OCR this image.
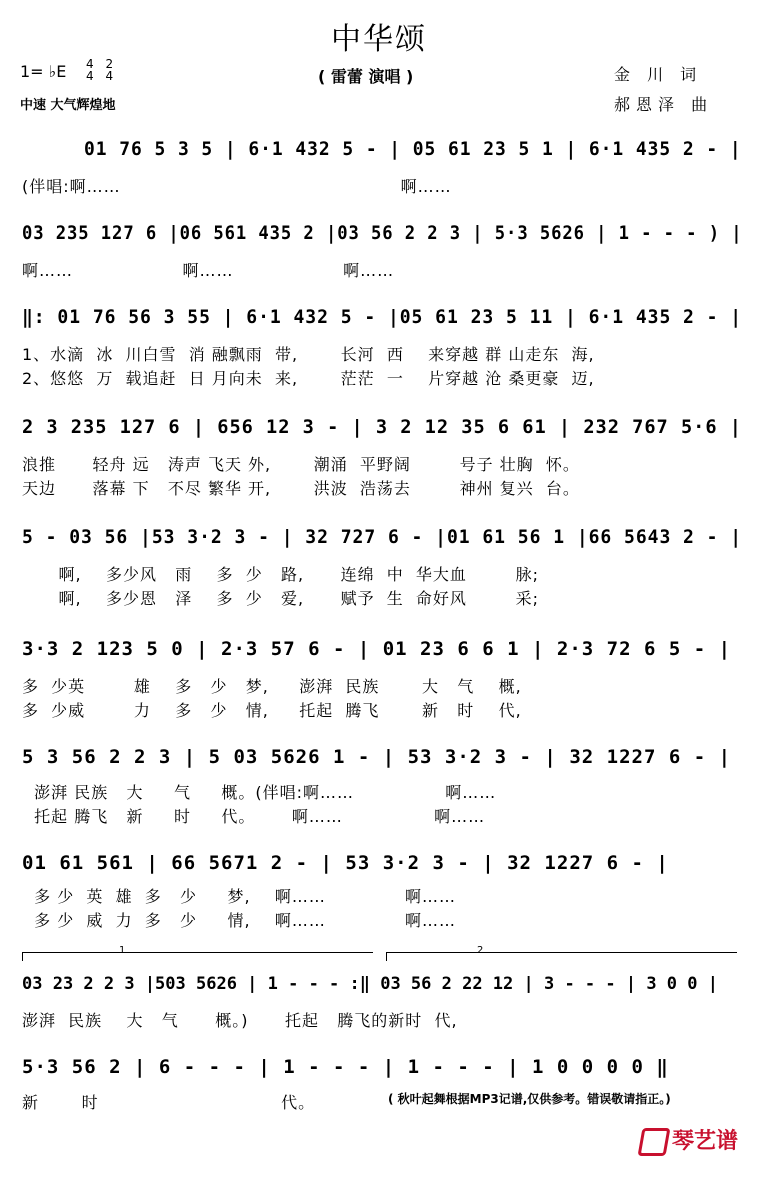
中华颂
1= ♭E 4
4 2
4	( 雷蕾 演唱 )
中速 大气辉煌地
金 川 词
郝恩泽 曲
01 76 5 3 5 | 6·1 432 5 - | 05 61 23 5 1 | 6·1 435 2 - |
(伴唱:啊……                                              啊……
03 235 127 6 |06 561 435 2 |03 56 2 2 3 | 5·3 5626 | 1 - - - ) |
啊……                  啊……                  啊……
‖: 01 76 56 3 55 | 6·1 432 5 - |05 61 23 5 11 | 6·1 435 2 - |
1、水滴  冰  川白雪  消 融飘雨  带,       长河  西    来穿越 群 山走东  海,
2、悠悠  万  载追赶  日 月向未  来,       茫茫  一    片穿越 沧 桑更豪  迈,
2 3 235 127 6 | 656 12 3 - | 3 2 12 35 6 61 | 232 767 5·6 |
浪推      轻舟 远   涛声 飞天 外,       潮涌  平野阔        号子 壮胸  怀。
天边      落幕 下   不尽 繁华 开,       洪波  浩荡去        神州 复兴  台。
5 - 03 56 |53 3·2 3 - | 32 727 6 - |01 61 56 1 |66 5643 2 - |
啊,    多少风   雨    多  少   路,      连绵  中  华大血        脉;
啊,    多少恩   泽    多  少   爱,      赋予  生  命好风        采;
3·3 2 123 5 0 | 2·3 57 6 - | 01 23 6 6 1 | 2·3 72 6 5 - |
多  少英        雄    多   少   梦,     澎湃  民族       大   气    概,
多  少威        力    多   少   情,     托起  腾飞       新   时    代,
5 3 56 2 2 3 | 5 03 5626 1 - | 53 3·2 3 - | 32 1227 6 - |
澎湃 民族   大     气     概。(伴唱:啊……               啊……
托起 腾飞   新     时     代。      啊……               啊……
01 61 561 | 66 5671 2 - | 53 3·2 3 - | 32 1227 6 - |
多 少  英  雄  多   少     梦,    啊……             啊……
多 少  威  力  多   少     情,    啊……             啊……
1	2
03 23 2 2 3 |503 5626 | 1 - - - :‖ 03 56 2 22 12 | 3 - - - | 3 0 0 |
澎湃  民族    大   气      概。)      托起   腾飞的新时  代,
5·3 56 2 | 6 - - - | 1 - - - | 1 - - - | 1 0 0 0 0 ‖
新       时                              代。	( 秋叶起舞根据MP3记谱,仅供参考。错误敬请指正。)
琴艺谱
